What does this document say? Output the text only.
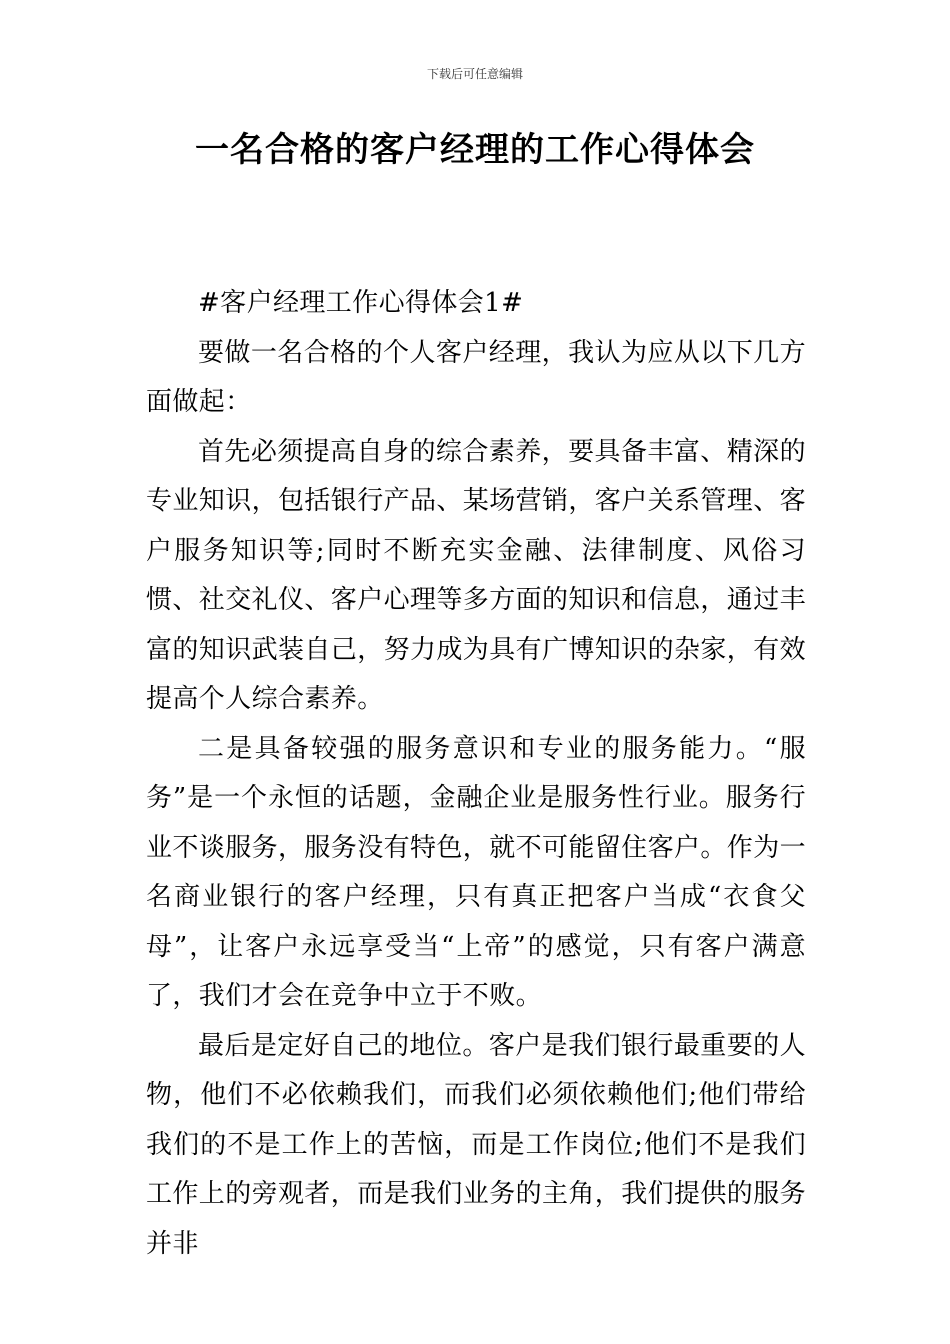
下载后可任意编辑
一名合格的客户经理的工作心得体会

#客户经理工作心得体会1#

要做一名合格的个人客户经理，我认为应从以下几方面做起：

首先必须提高自身的综合素养，要具备丰富、精深的专业知识，包括银行产品、某场营销，客户关系管理、客户服务知识等;同时不断充实金融、法律制度、风俗习惯、社交礼仪、客户心理等多方面的知识和信息，通过丰富的知识武装自己，努力成为具有广博知识的杂家，有效提高个人综合素养。

二是具备较强的服务意识和专业的服务能力。“服务”是一个永恒的话题，金融企业是服务性行业。服务行业不谈服务，服务没有特色，就不可能留住客户。作为一名商业银行的客户经理，只有真正把客户当成“衣食父母”，让客户永远享受当“上帝”的感觉，只有客户满意了，我们才会在竞争中立于不败。

最后是定好自己的地位。客户是我们银行最重要的人物，他们不必依赖我们，而我们必须依赖他们;他们带给我们的不是工作上的苦恼，而是工作岗位;他们不是我们工作上的旁观者，而是我们业务的主角，我们提供的服务并非
